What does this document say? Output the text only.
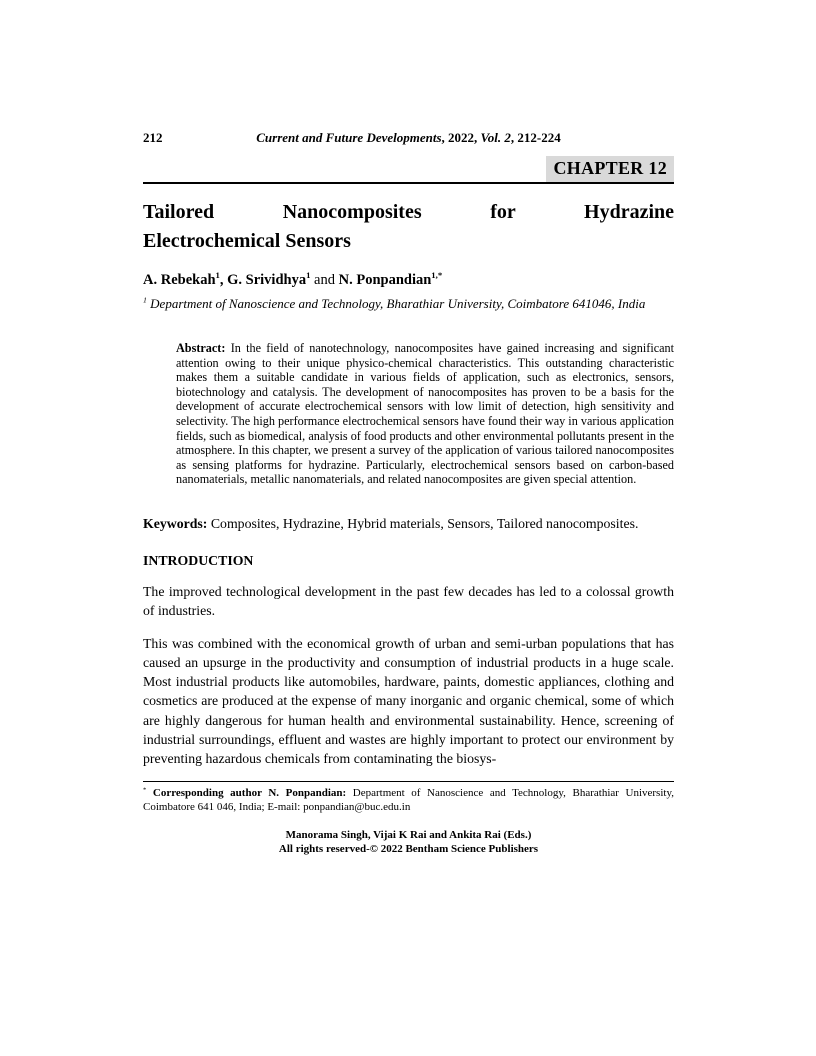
212	Current and Future Developments, 2022, Vol. 2, 212-224
CHAPTER 12
Tailored Nanocomposites for Hydrazine
Electrochemical Sensors

A. Rebekah$^1$, G. Srividhya$^1$ and N. Ponpandian$^{1,*}$

$^1$ Department of Nanoscience and Technology, Bharathiar University, Coimbatore 641046, India

Abstract: In the field of nanotechnology, nanocomposites have gained increasing and significant attention owing to their unique physico-chemical characteristics. This outstanding characteristic makes them a suitable candidate in various fields of application, such as electronics, sensors, biotechnology and catalysis. The development of nanocomposites has proven to be a basis for the development of accurate electrochemical sensors with low limit of detection, high sensitivity and selectivity. The high performance electrochemical sensors have found their way in various application fields, such as biomedical, analysis of food products and other environmental pollutants present in the atmosphere. In this chapter, we present a survey of the application of various tailored nanocomposites as sensing platforms for hydrazine. Particularly, electrochemical sensors based on carbon-based nanomaterials, metallic nanomaterials, and related nanocomposites are given special attention.

Keywords: Composites, Hydrazine, Hybrid materials, Sensors, Tailored nanocomposites.

INTRODUCTION

The improved technological development in the past few decades has led to a colossal growth of industries.

This was combined with the economical growth of urban and semi-urban populations that has caused an upsurge in the productivity and consumption of industrial products in a huge scale. Most industrial products like automobiles, hardware, paints, domestic appliances, clothing and cosmetics are produced at the expense of many inorganic and organic chemical, some of which are highly dangerous for human health and environmental sustainability. Hence, screening of industrial surroundings, effluent and wastes are highly important to protect our environment by preventing hazardous chemicals from contaminating the biosys-

* Corresponding author N. Ponpandian: Department of Nanoscience and Technology, Bharathiar University, Coimbatore 641 046, India; E-mail: ponpandian@buc.edu.in

Manorama Singh, Vijai K Rai and Ankita Rai (Eds.)
All rights reserved-© 2022 Bentham Science Publishers
